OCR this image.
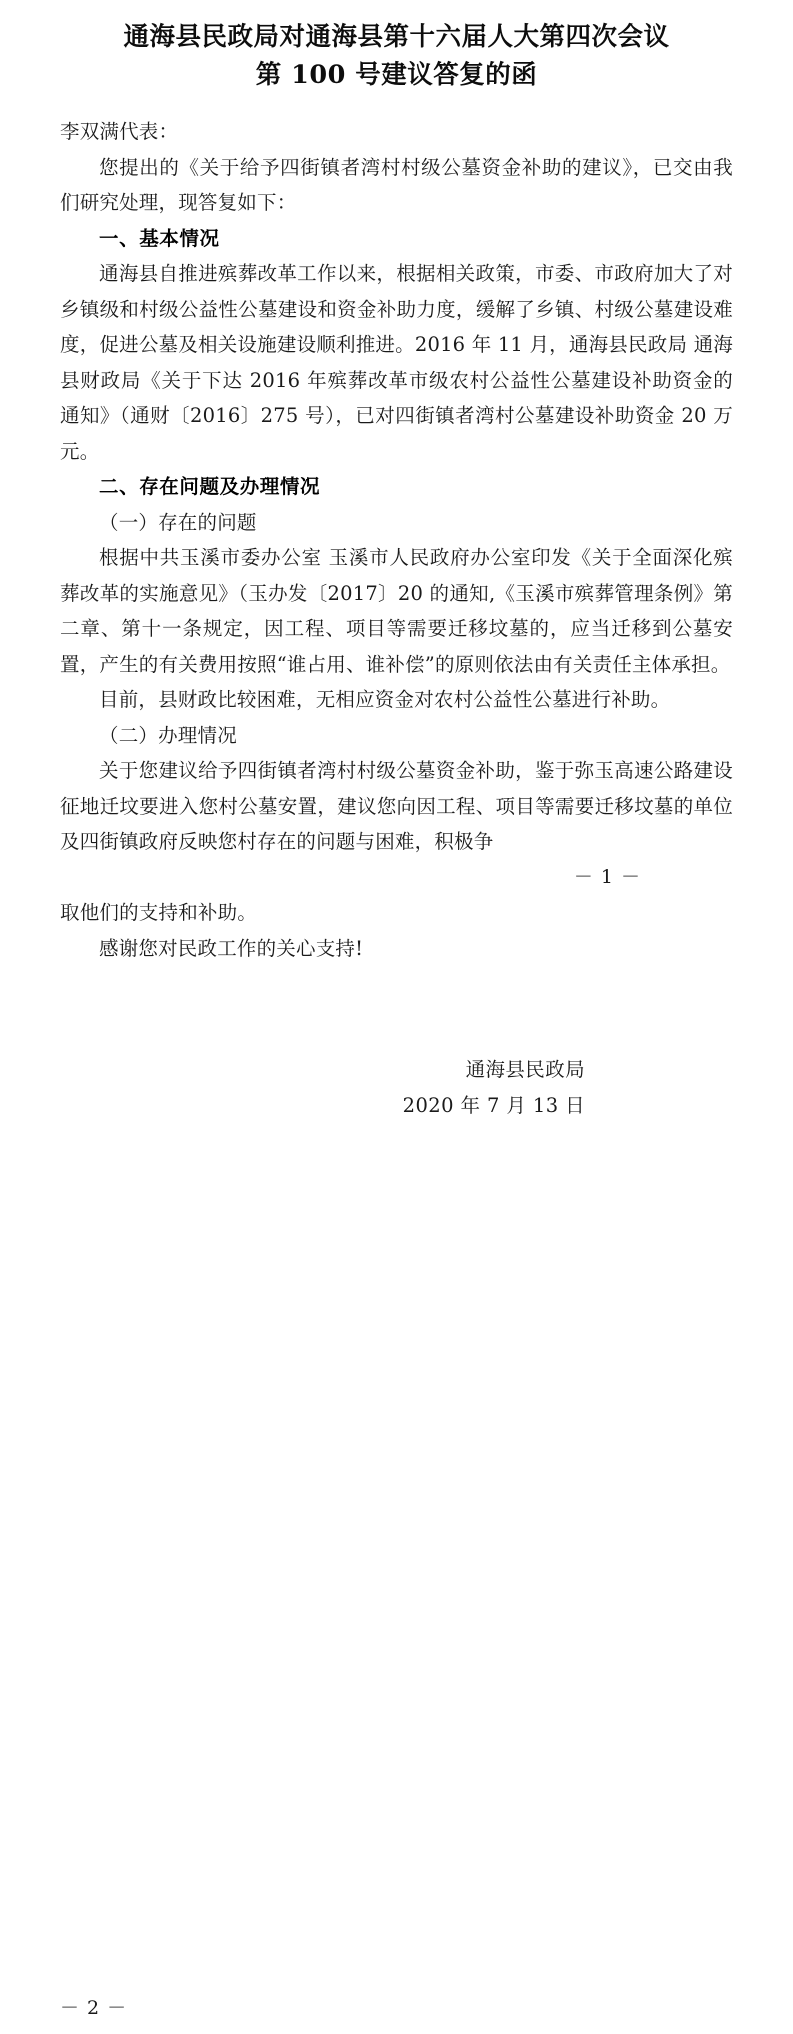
通海县民政局对通海县第十六届人大第四次会议
第 100 号建议答复的函

李双满代表：

您提出的《关于给予四街镇者湾村村级公墓资金补助的建议》，已交由我们研究处理，现答复如下：

一、基本情况

通海县自推进殡葬改革工作以来，根据相关政策，市委、市政府加大了对乡镇级和村级公益性公墓建设和资金补助力度，缓解了乡镇、村级公墓建设难度，促进公墓及相关设施建设顺利推进。2016 年 11 月，通海县民政局 通海县财政局《关于下达 2016 年殡葬改革市级农村公益性公墓建设补助资金的通知》（通财〔2016〕275 号），已对四街镇者湾村公墓建设补助资金 20 万元。

二、存在问题及办理情况

（一）存在的问题

根据中共玉溪市委办公室 玉溪市人民政府办公室印发《关于全面深化殡葬改革的实施意见》（玉办发〔2017〕20 的通知,《玉溪市殡葬管理条例》第二章、第十一条规定，因工程、项目等需要迁移坟墓的，应当迁移到公墓安置，产生的有关费用按照“谁占用、谁补偿”的原则依法由有关责任主体承担。

目前，县财政比较困难，无相应资金对农村公益性公墓进行补助。

（二）办理情况

关于您建议给予四街镇者湾村村级公墓资金补助，鉴于弥玉高速公路建设征地迁坟要进入您村公墓安置，建议您向因工程、项目等需要迁移坟墓的单位及四街镇政府反映您村存在的问题与困难，积极争

－ 1 －

取他们的支持和补助。

感谢您对民政工作的关心支持!

通海县民政局
2020 年 7 月 13 日
－ 2 －
